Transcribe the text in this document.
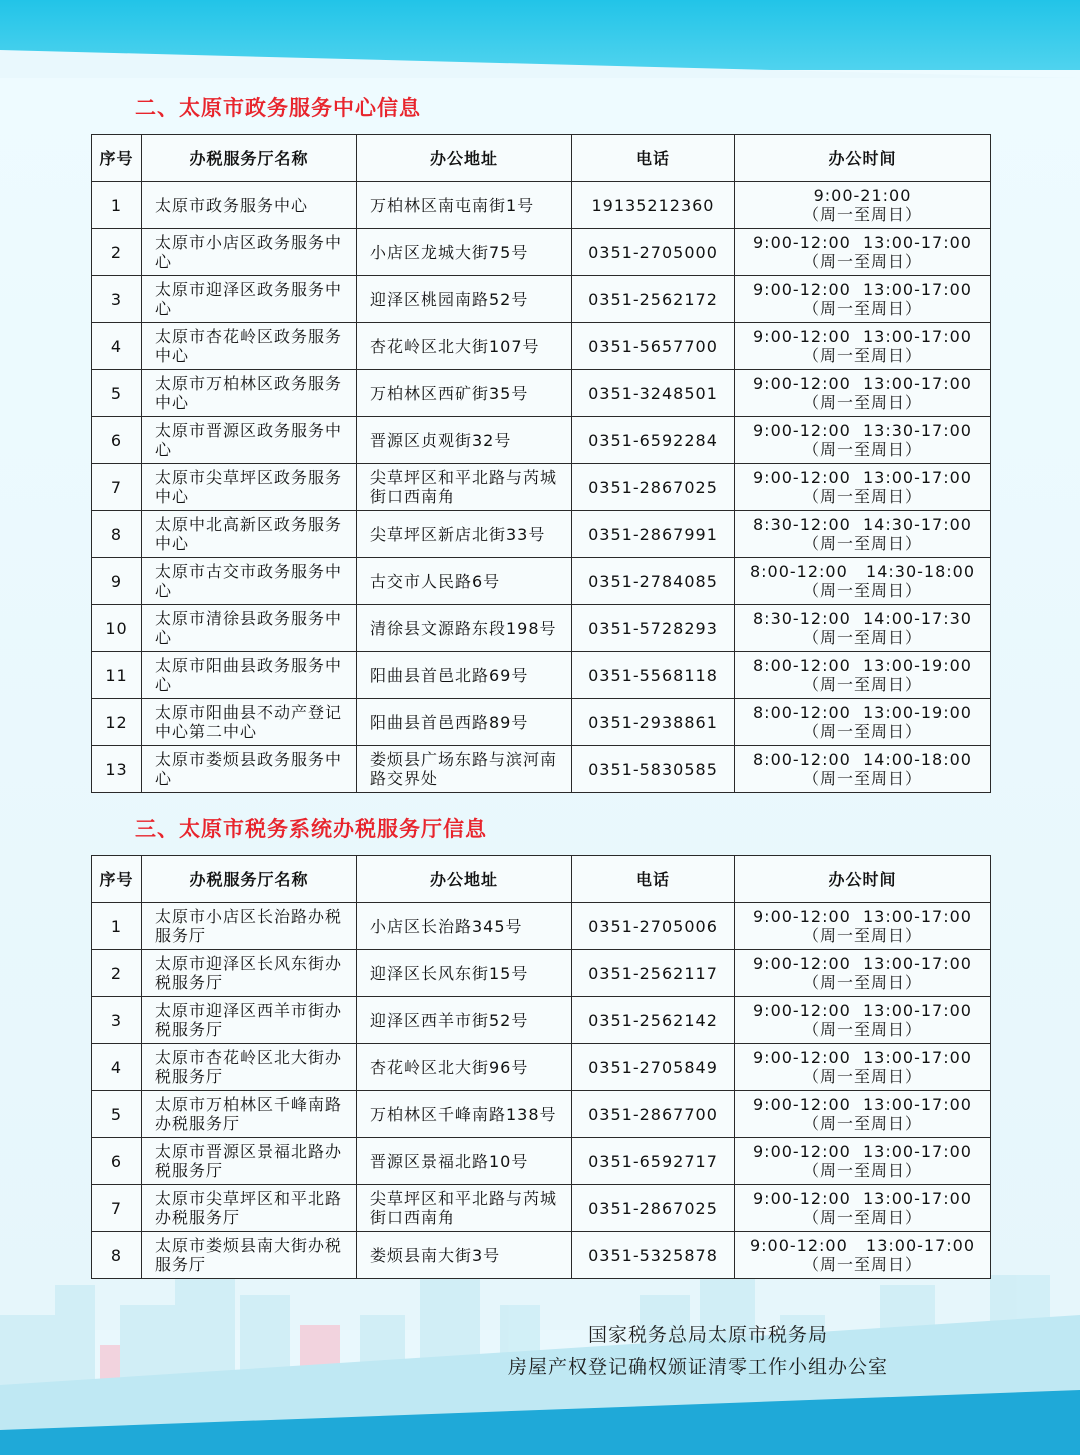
二、太原市政务服务中心信息
序号	办税服务厅名称	办公地址	电话	办公时间
1	太原市政务服务中心	万柏林区南屯南街1号	19135212360	9:00-21:00
（周一至周日）

2	太原市小店区政务服务中心	小店区龙城大街75号	0351-2705000	9:00-12:00  13:00-17:00
（周一至周日）

3	太原市迎泽区政务服务中心	迎泽区桃园南路52号	0351-2562172	9:00-12:00  13:00-17:00
（周一至周日）

4	太原市杏花岭区政务服务中心	杏花岭区北大街107号	0351-5657700	9:00-12:00  13:00-17:00
（周一至周日）

5	太原市万柏林区政务服务中心	万柏林区西矿街35号	0351-3248501	9:00-12:00  13:00-17:00
（周一至周日）

6	太原市晋源区政务服务中心	晋源区贞观街32号	0351-6592284	9:00-12:00  13:30-17:00
（周一至周日）

7	太原市尖草坪区政务服务中心	尖草坪区和平北路与芮城街口西南角	0351-2867025	9:00-12:00  13:00-17:00
（周一至周日）

8	太原中北高新区政务服务中心	尖草坪区新店北街33号	0351-2867991	8:30-12:00  14:30-17:00
（周一至周日）

9	太原市古交市政务服务中心	古交市人民路6号	0351-2784085	8:00-12:00   14:30-18:00
（周一至周日）

10	太原市清徐县政务服务中心	清徐县文源路东段198号	0351-5728293	8:30-12:00  14:00-17:30
（周一至周日）

11	太原市阳曲县政务服务中心	阳曲县首邑北路69号	0351-5568118	8:00-12:00  13:00-19:00
（周一至周日）

12	太原市阳曲县不动产登记中心第二中心	阳曲县首邑西路89号	0351-2938861	8:00-12:00  13:00-19:00
（周一至周日）

13	太原市娄烦县政务服务中心	娄烦县广场东路与滨河南路交界处	0351-5830585	8:00-12:00  14:00-18:00
（周一至周日）
三、太原市税务系统办税服务厅信息
序号	办税服务厅名称	办公地址	电话	办公时间
1	太原市小店区长治路办税服务厅	小店区长治路345号	0351-2705006	9:00-12:00  13:00-17:00
（周一至周日）

2	太原市迎泽区长风东街办税服务厅	迎泽区长风东街15号	0351-2562117	9:00-12:00  13:00-17:00
（周一至周日）

3	太原市迎泽区西羊市街办税服务厅	迎泽区西羊市街52号	0351-2562142	9:00-12:00  13:00-17:00
（周一至周日）

4	太原市杏花岭区北大街办税服务厅	杏花岭区北大街96号	0351-2705849	9:00-12:00  13:00-17:00
（周一至周日）

5	太原市万柏林区千峰南路办税服务厅	万柏林区千峰南路138号	0351-2867700	9:00-12:00  13:00-17:00
（周一至周日）

6	太原市晋源区景福北路办税服务厅	晋源区景福北路10号	0351-6592717	9:00-12:00  13:00-17:00
（周一至周日）

7	太原市尖草坪区和平北路办税服务厅	尖草坪区和平北路与芮城街口西南角	0351-2867025	9:00-12:00  13:00-17:00
（周一至周日）

8	太原市娄烦县南大街办税服务厅	娄烦县南大街3号	0351-5325878	9:00-12:00   13:00-17:00
（周一至周日）
国家税务总局太原市税务局
房屋产权登记确权颁证清零工作小组办公室
